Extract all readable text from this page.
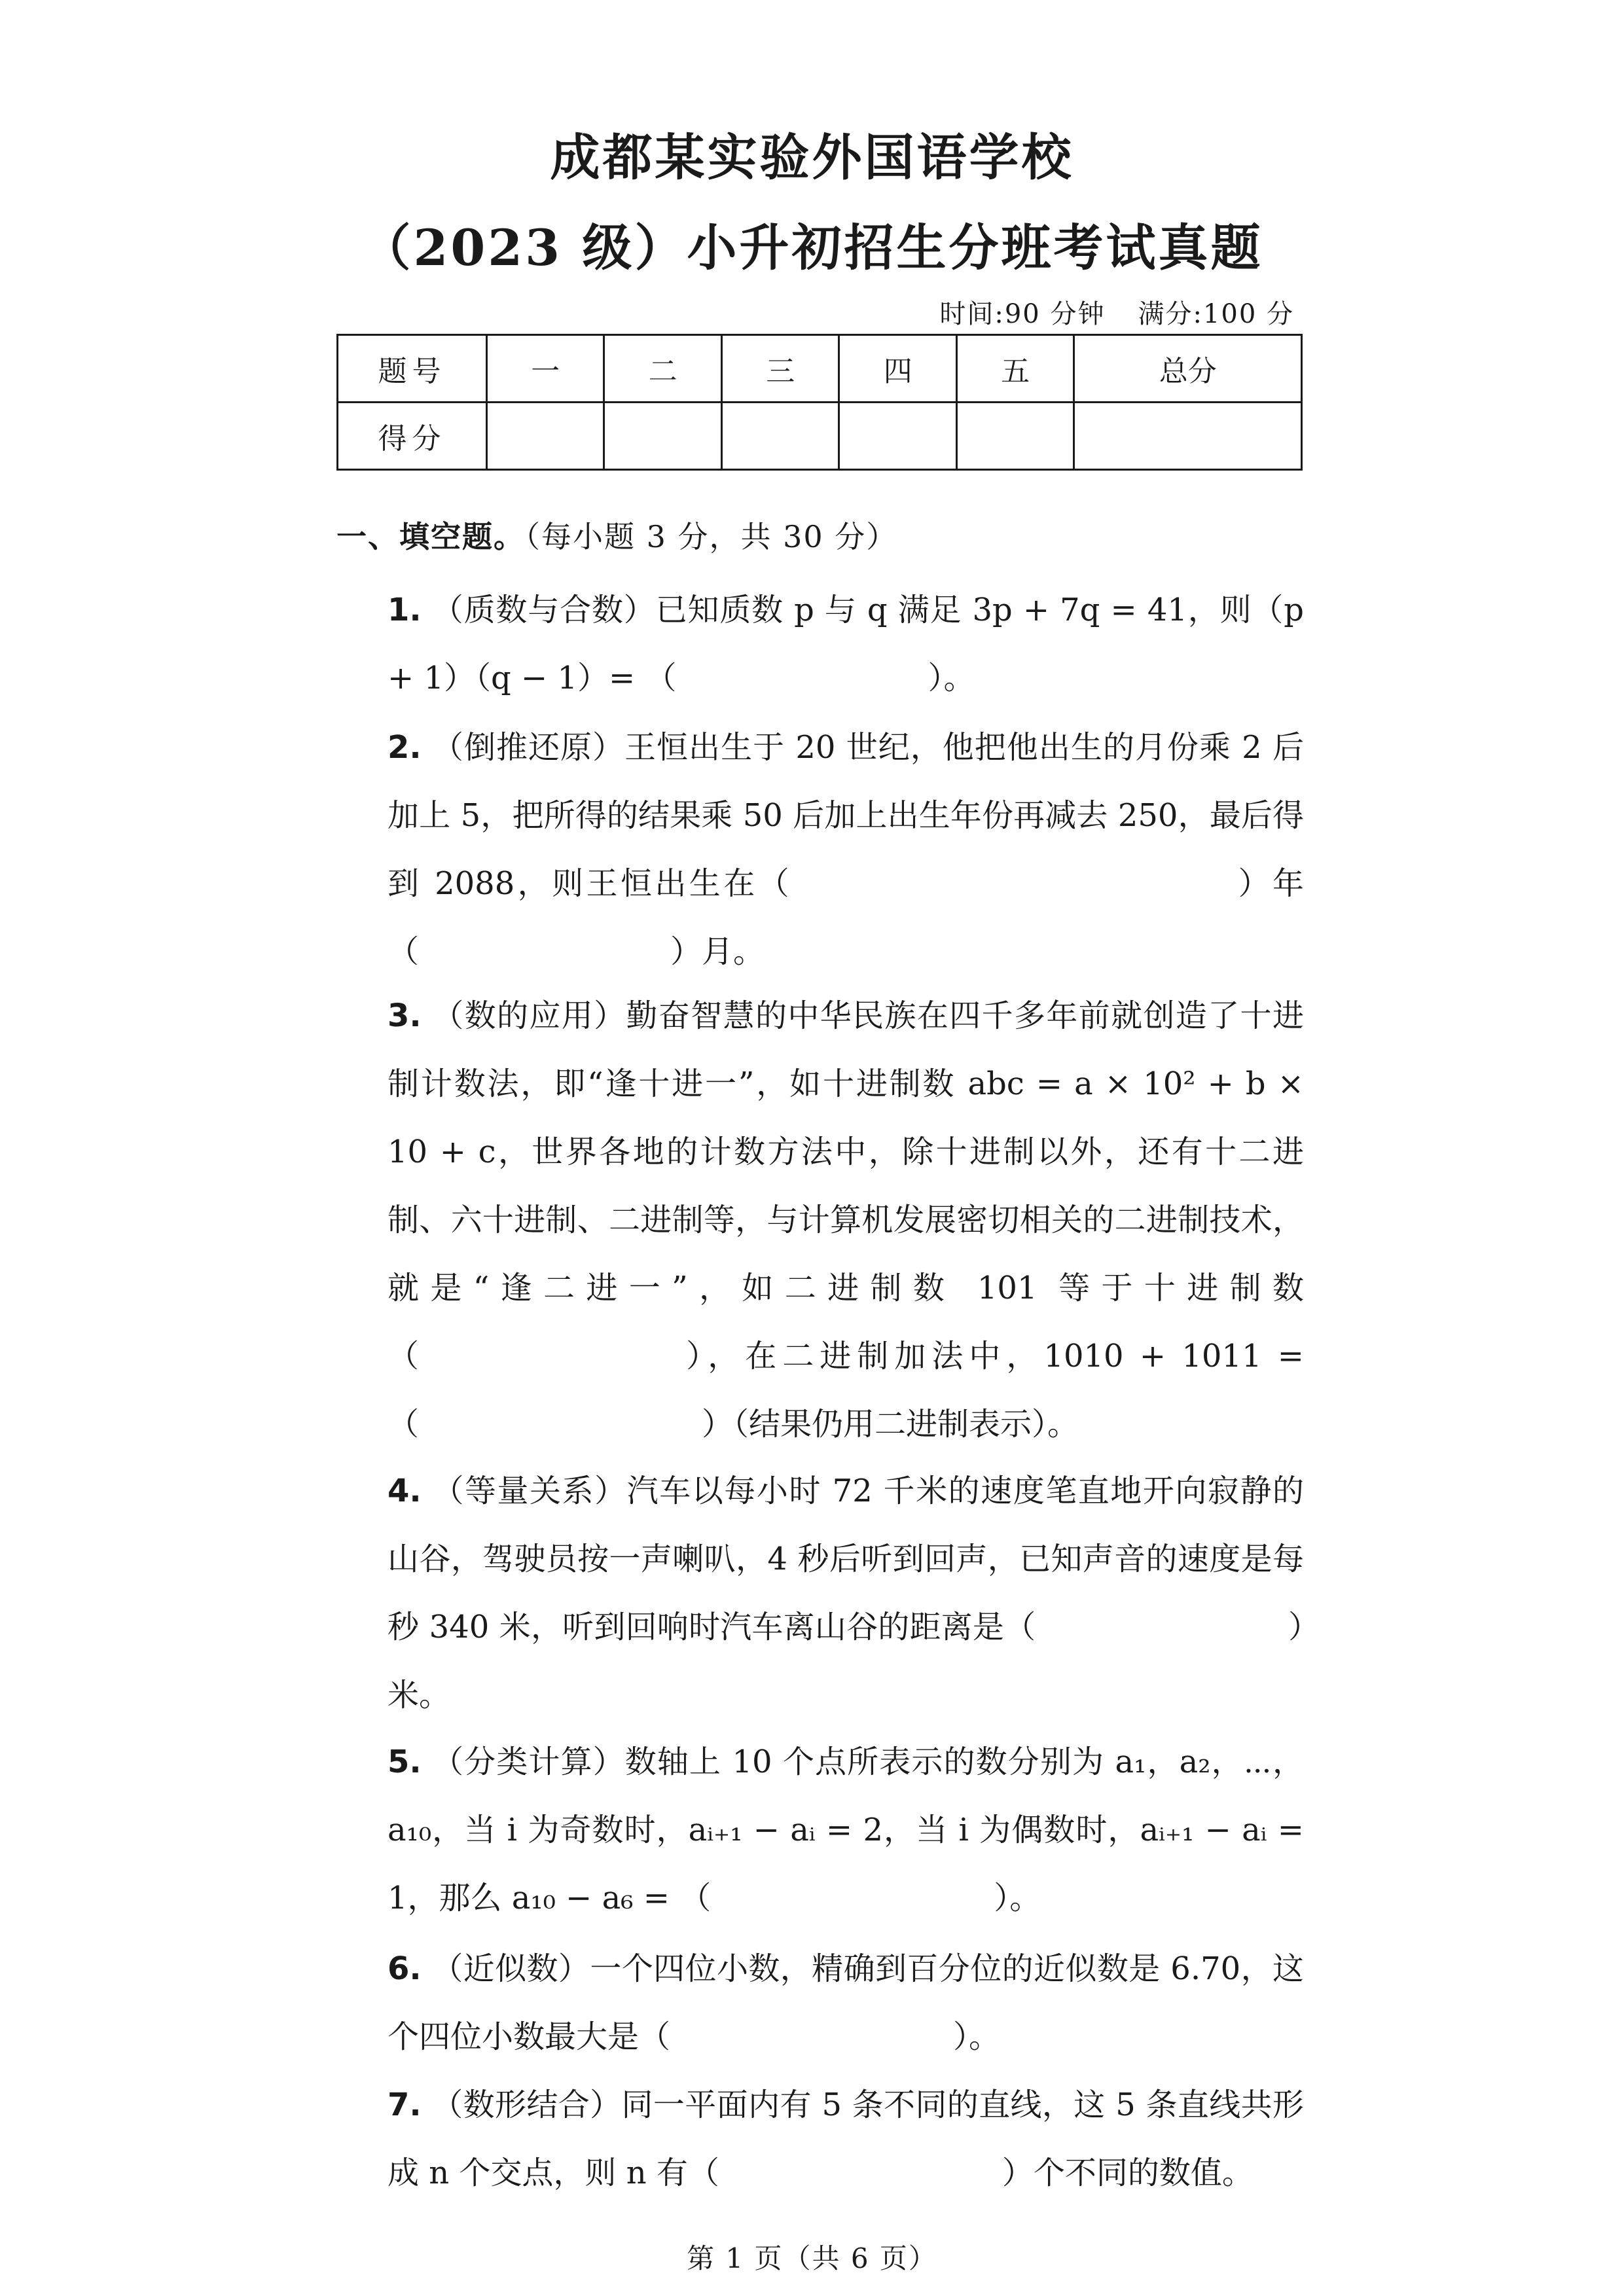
成都某实验外国语学校
（2023 级）小升初招生分班考试真题
时间:90 分钟 满分:100 分
题号	一	二	三	四	五	总分
得分						
一、填空题。（每小题 3 分，共 30 分）
1. （质数与合数）已知质数 p 与 q 满足 3p + 7q = 41，则（p + 1）（q − 1）= （　　　　　　　　）。
2. （倒推还原）王恒出生于 20 世纪，他把他出生的月份乘 2 后加上 5，把所得的结果乘 50 后加上出生年份再减去 250，最后得到 2088，则王恒出生在（　　　　　　　　　　　　　）年（　　　　　　　　）月。
3. （数的应用）勤奋智慧的中华民族在四千多年前就创造了十进制计数法，即“逢十进一”，如十进制数 abc = a × 10² + b × 10 + c，世界各地的计数方法中，除十进制以外，还有十二进制、六十进制、二进制等，与计算机发展密切相关的二进制技术，就是“逢二进一”，如二进制数 101 等于十进制数（　　　　　　　），在二进制加法中，1010 + 1011 = （　　　　　　　　　）（结果仍用二进制表示）。
4. （等量关系）汽车以每小时 72 千米的速度笔直地开向寂静的山谷，驾驶员按一声喇叭，4 秒后听到回声，已知声音的速度是每秒 340 米，听到回响时汽车离山谷的距离是（　　　　　　　　）米。
5. （分类计算）数轴上 10 个点所表示的数分别为 a₁，a₂，⋯，a₁₀，当 i 为奇数时，aᵢ₊₁ − aᵢ = 2，当 i 为偶数时，aᵢ₊₁ − aᵢ = 1，那么 a₁₀ − a₆ = （　　　　　　　　　）。
6. （近似数）一个四位小数，精确到百分位的近似数是 6.70，这个四位小数最大是（　　　　　　　　　）。
7. （数形结合）同一平面内有 5 条不同的直线，这 5 条直线共形成 n 个交点，则 n 有（　　　　　　　　　）个不同的数值。
第 1 页（共 6 页）
